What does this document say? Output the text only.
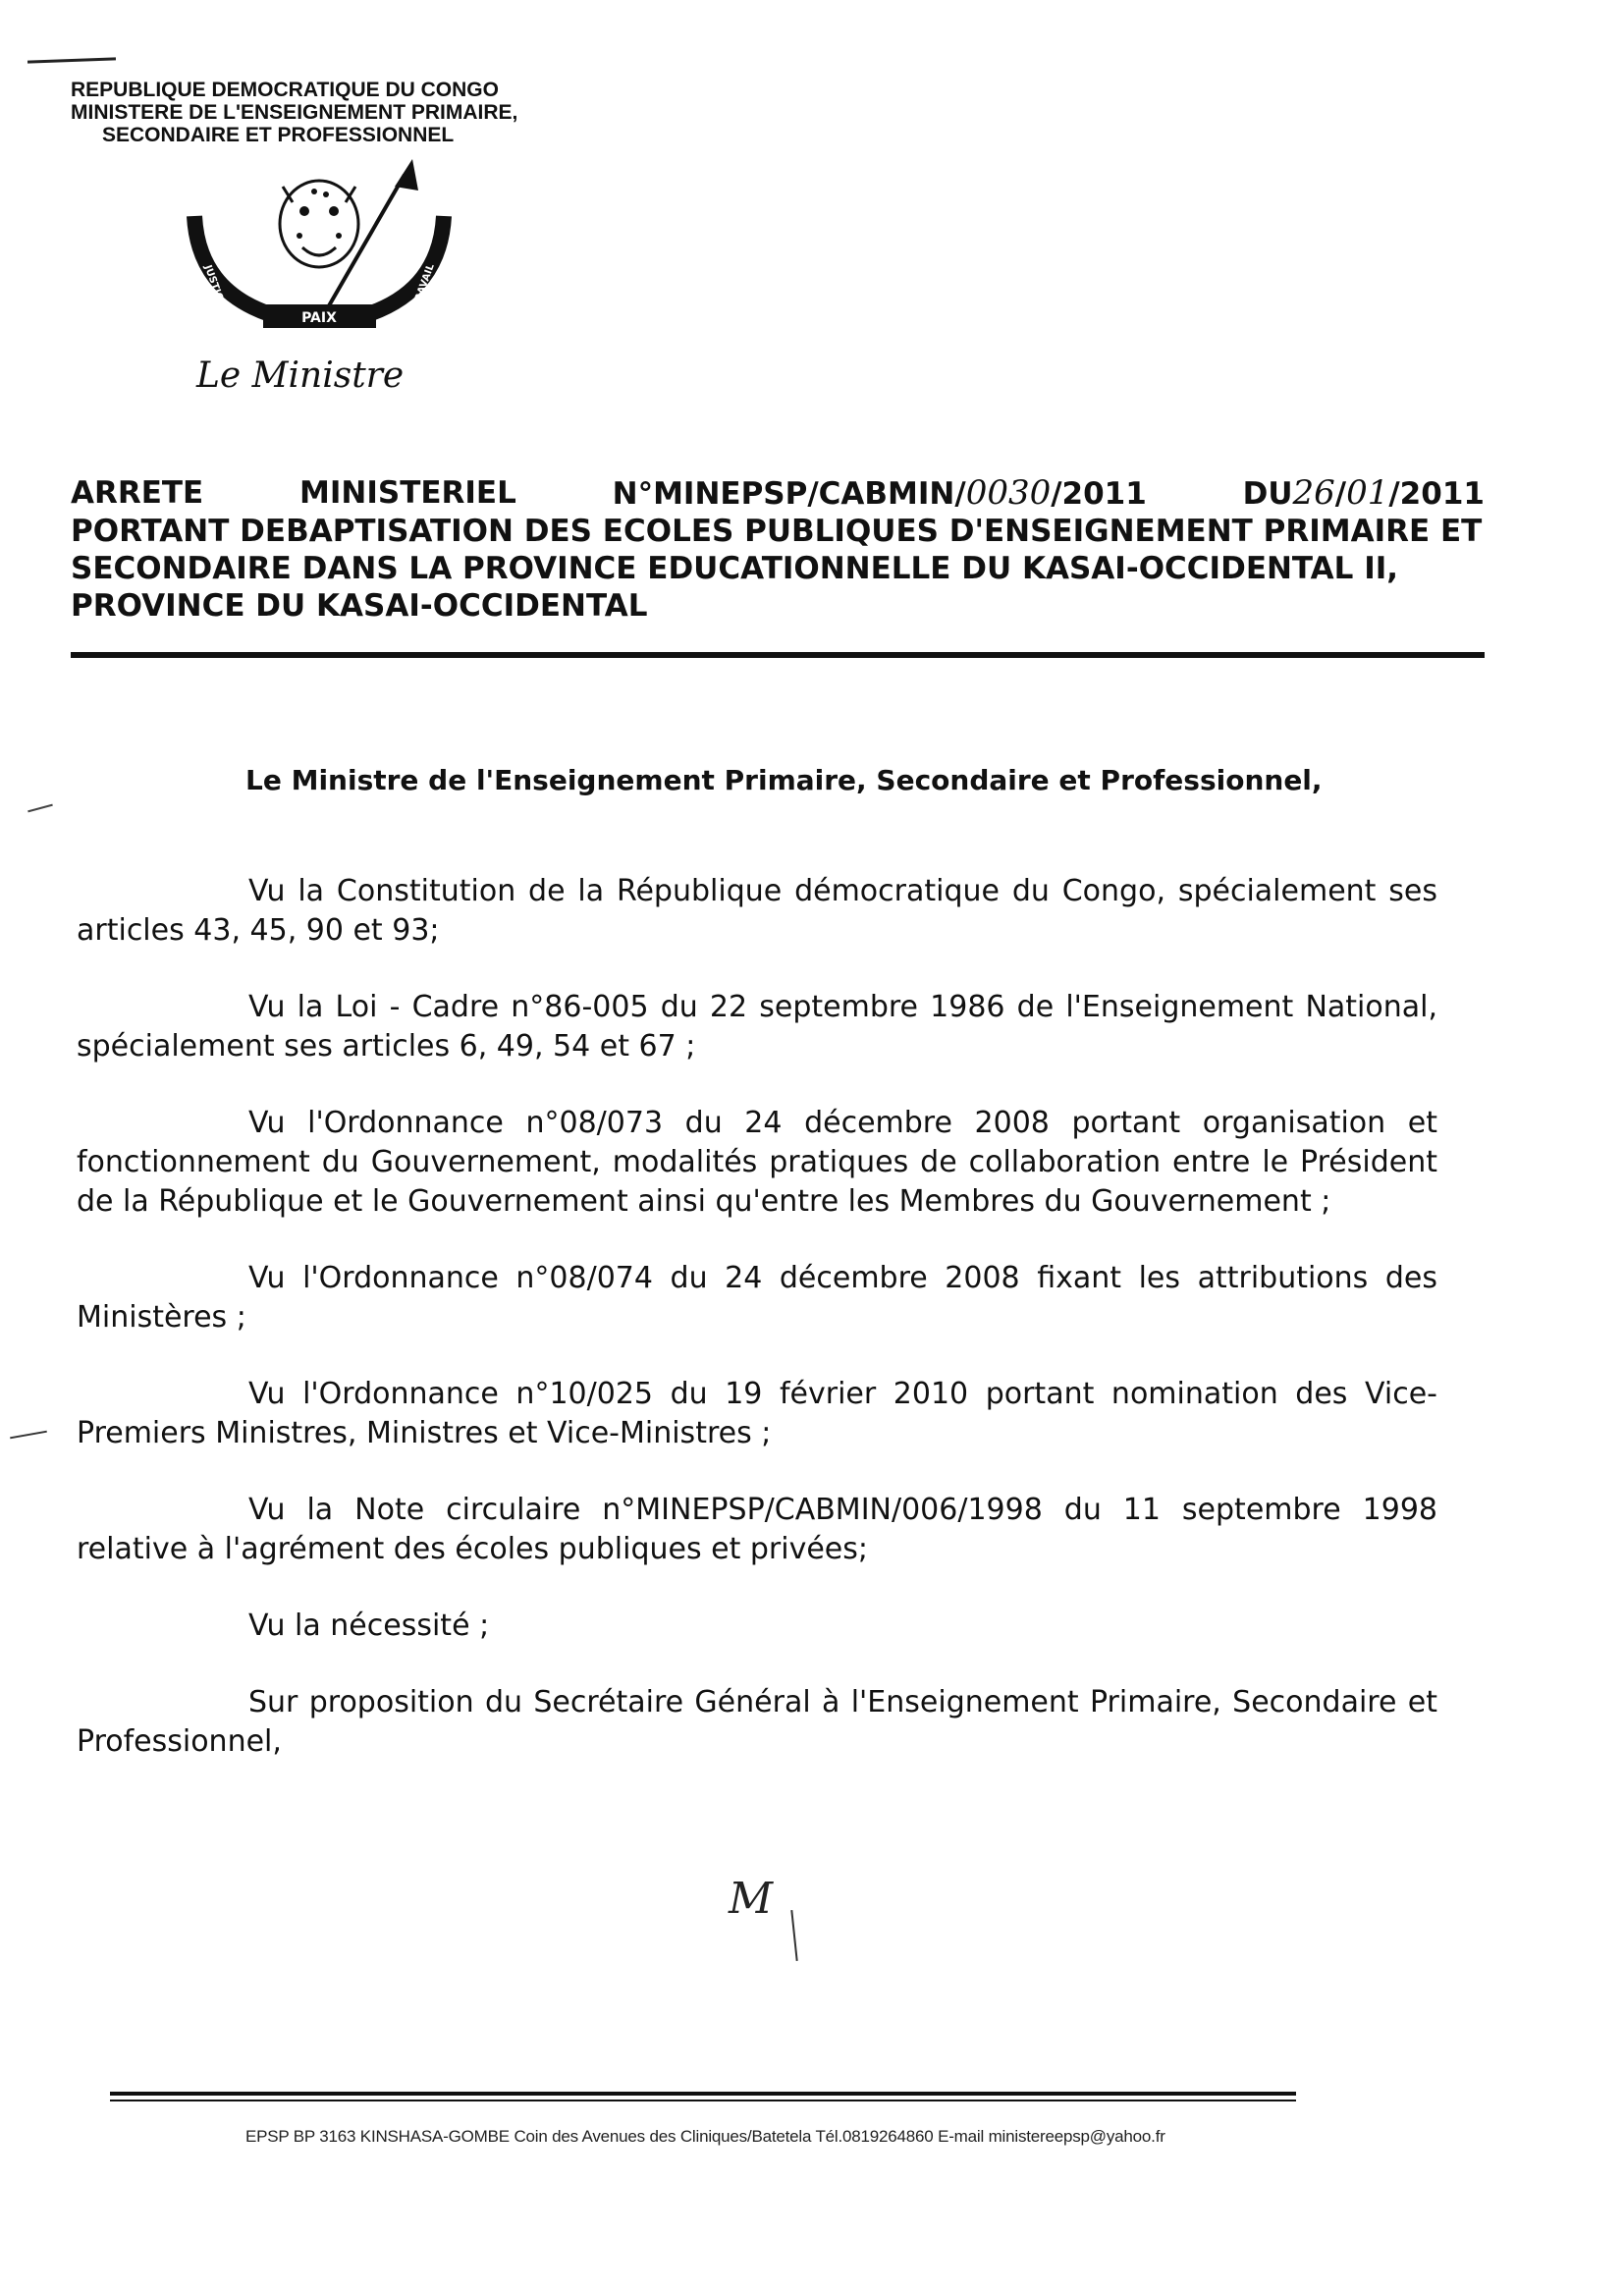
REPUBLIQUE DEMOCRATIQUE DU CONGO
MINISTERE DE L'ENSEIGNEMENT PRIMAIRE,
SECONDAIRE ET PROFESSIONNEL
PAIX
JUSTICE	TRAVAIL
Le Ministre
ARRETE	MINISTERIEL	N°MINEPSP/CABMIN/0030/2011	DU26/01/2011
PORTANT DEBAPTISATION DES ECOLES PUBLIQUES D'ENSEIGNEMENT PRIMAIRE ET SECONDAIRE DANS LA PROVINCE EDUCATIONNELLE DU KASAI-OCCIDENTAL II, PROVINCE DU KASAI-OCCIDENTAL
Le Ministre de l'Enseignement Primaire, Secondaire et Professionnel,

Vu la Constitution de la République démocratique du Congo, spécialement ses articles 43, 45, 90 et 93;

Vu la Loi - Cadre n°86-005 du 22 septembre 1986 de l'Enseignement National, spécialement ses articles 6, 49, 54 et 67 ;

Vu l'Ordonnance n°08/073 du 24 décembre 2008 portant organisation et fonctionnement du Gouvernement, modalités pratiques de collaboration entre le Président de la République et le Gouvernement ainsi qu'entre les Membres du Gouvernement ;

Vu l'Ordonnance n°08/074 du 24 décembre 2008 fixant les attributions des Ministères ;

Vu l'Ordonnance n°10/025 du 19 février 2010 portant nomination des Vice-Premiers Ministres, Ministres et Vice-Ministres ;

Vu la Note circulaire n°MINEPSP/CABMIN/006/1998 du 11 septembre 1998 relative à l'agrément des écoles publiques et privées;

Vu la nécessité ;

Sur proposition du Secrétaire Général à l'Enseignement Primaire, Secondaire et Professionnel,

M
EPSP BP 3163 KINSHASA-GOMBE Coin des Avenues des Cliniques/Batetela Tél.0819264860 E-mail ministereepsp@yahoo.fr
